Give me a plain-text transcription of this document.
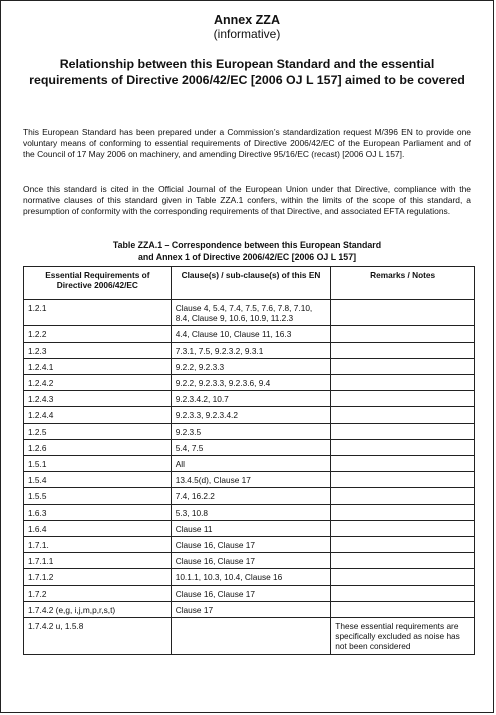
Annex ZZA
(informative)
Relationship between this European Standard and the essential requirements of Directive 2006/42/EC [2006 OJ L 157] aimed to be covered
This European Standard has been prepared under a Commission’s standardization request M/396 EN to provide one voluntary means of conforming to essential requirements of Directive 2006/42/EC of the European Parliament and of the Council of 17 May 2006 on machinery, and amending Directive 95/16/EC (recast) [2006 OJ L 157].
Once this standard is cited in the Official Journal of the European Union under that Directive, compliance with the normative clauses of this standard given in Table ZZA.1 confers, within the limits of the scope of this standard, a presumption of conformity with the corresponding requirements of that Directive, and associated EFTA regulations.
Table ZZA.1 – Correspondence between this European Standard
and Annex 1 of Directive 2006/42/EC [2006 OJ L 157]
Essential Requirements of Directive 2006/42/EC	Clause(s) / sub-clause(s) of this EN	Remarks / Notes
1.2.1	Clause 4, 5.4, 7.4, 7.5, 7.6, 7.8, 7.10, 8.4, Clause 9, 10.6, 10.9, 11.2.3	
1.2.2	4.4, Clause 10, Clause 11, 16.3	
1.2.3	7.3.1, 7.5, 9.2.3.2, 9.3.1	
1.2.4.1	9.2.2, 9.2.3.3	
1.2.4.2	9.2.2, 9.2.3.3, 9.2.3.6, 9.4	
1.2.4.3	9.2.3.4.2, 10.7	
1.2.4.4	9.2.3.3, 9.2.3.4.2	
1.2.5	9.2.3.5	
1.2.6	5.4, 7.5	
1.5.1	All	
1.5.4	13.4.5(d), Clause 17	
1.5.5	7.4, 16.2.2	
1.6.3	5.3, 10.8	
1.6.4	Clause 11	
1.7.1.	Clause 16, Clause 17	
1.7.1.1	Clause 16, Clause 17	
1.7.1.2	10.1.1, 10.3, 10.4, Clause 16	
1.7.2	Clause 16, Clause 17	
1.7.4.2 (e,g, i,j,m,p,r,s,t)	Clause 17	
1.7.4.2 u, 1.5.8		These essential requirements are specifically excluded as noise has not been considered
